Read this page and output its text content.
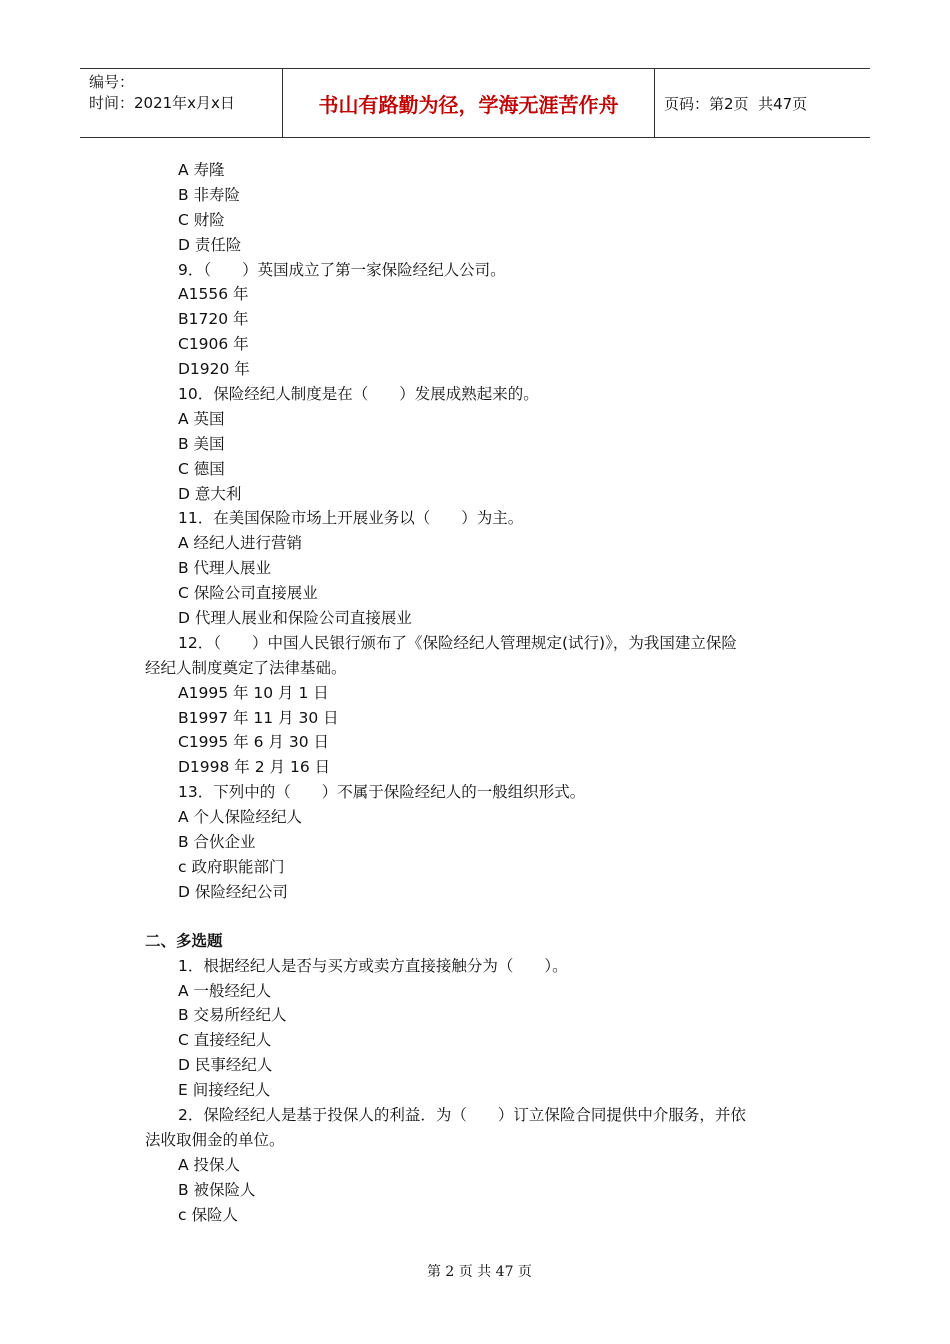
编号：
时间：2021年x月x日	书山有路勤为径，学海无涯苦作舟	页码：第2页  共47页
A 寿隆
B 非寿险
C 财险
D 责任险
9．（　　）英国成立了第一家保险经纪人公司。
A1556 年
B1720 年
C1906 年
D1920 年
10．保险经纪人制度是在（　　）发展成熟起来的。
A 英国
B 美国
C 德国
D 意大利
11．在美国保险市场上开展业务以（　　）为主。
A 经纪人进行营销
B 代理人展业
C 保险公司直接展业
D 代理人展业和保险公司直接展业
12．（　　）中国人民银行颁布了《保险经纪人管理规定(试行)》，为我国建立保险
经纪人制度奠定了法律基础。
A1995 年 10 月 1 日
B1997 年 11 月 30 日
C1995 年 6 月 30 日
D1998 年 2 月 16 日
13．下列中的（　　）不属于保险经纪人的一般组织形式。
A 个人保险经纪人
B 合伙企业
c 政府职能部门
D 保险经纪公司
二、多选题
1．根据经纪人是否与买方或卖方直接接触分为（　　）。
A 一般经纪人
B 交易所经纪人
C 直接经纪人
D 民事经纪人
E 间接经纪人
2．保险经纪人是基于投保人的利益．为（　　）订立保险合同提供中介服务，并依
法收取佣金的单位。
A 投保人
B 被保险人
c 保险人

第 2 页 共 47 页
